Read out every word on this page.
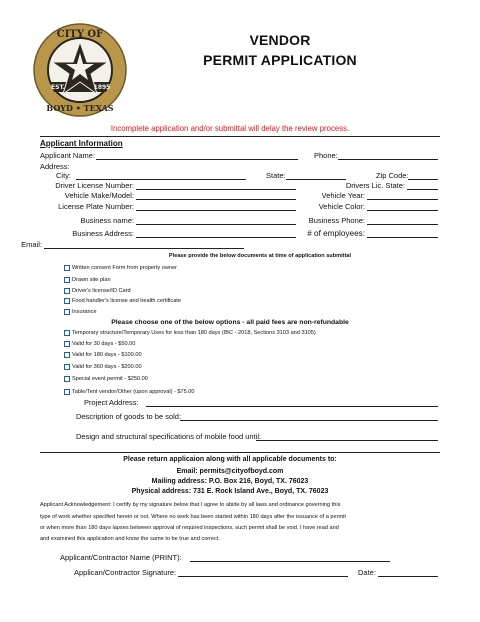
CITY OF
BOYD • TEXAS
EST.	1895
VENDOR
PERMIT APPLICATION
Incomplete application and/or submittal will delay the review process.
Applicant Information
Applicant Name:	Phone:
Address:
City:	State:	Zip Code:
Driver License Number:	Drivers Lic. State:
Vehicle Make/Model:	Vehicle Year:
License Plate Number:	Vehicle Color:
Business name:	Business Phone:
Business Address:	# of employees:
Email:
Please provide the below documents at time of application submittal
Written consent Form from property owner
Drawn site plan
Driver's license/ID Card
Food handler's license and health certificate
Insurance
Please choose one of the below options - all paid fees are non-refundable
Temporary structure/Temporary Uses for less than 180 days (IBC - 2018, Sections 3103 and 3105)
Valid for 30 days - $50.00
Valid for 180 days - $100.00
Valid for 360 days - $200.00
Special event permit - $250.00
Table/Tent vendor/Other (upon approval) - $75.00
Project Address:
Description of goods to be sold:
Design and structural specifications of mobile food until:
Please return applicaion along with all applicable documents to:
Email: permits@cityofboyd.com
Mailing address: P.O. Box 216, Boyd, TX. 76023
Physical address: 731 E. Rock Island Ave., Boyd, TX. 76023
Applicant Acknowledgement: I certify by my signature below that I agree to abide by all laws and ordinance governing this
type of work whether specified herein or not. Where no work has been started within 180 days after the issuance of a permit
or when more than 180 days lapses between approval of required inspections, such permit shall be void. I have read and
and examined this application and know the same to be true and correct.
Applicant/Contractor Name (PRINT):
Applican/Contractor Signature:	Date:
